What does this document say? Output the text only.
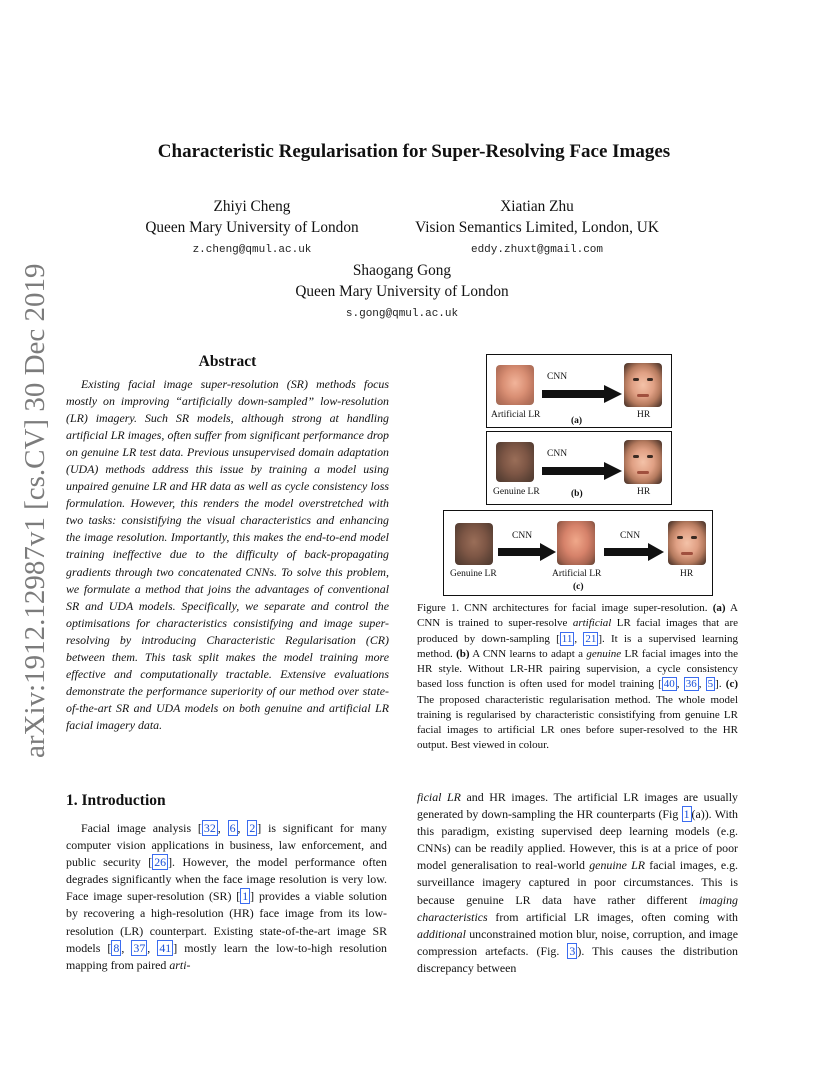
arXiv:1912.12987v1 [cs.CV] 30 Dec 2019
Characteristic Regularisation for Super-Resolving Face Images
Zhiyi Cheng
Queen Mary University of London
z.cheng@qmul.ac.uk
Xiatian Zhu
Vision Semantics Limited, London, UK
eddy.zhuxt@gmail.com
Shaogang Gong
Queen Mary University of London
s.gong@qmul.ac.uk
Abstract
Existing facial image super-resolution (SR) methods focus mostly on improving “artificially down-sampled” low-resolution (LR) imagery. Such SR models, although strong at handling artificial LR images, often suffer from significant performance drop on genuine LR test data. Previous unsupervised domain adaptation (UDA) methods address this issue by training a model using unpaired genuine LR and HR data as well as cycle consistency loss formulation. However, this renders the model overstretched with two tasks: consistifying the visual characteristics and enhancing the image resolution. Importantly, this makes the end-to-end model training ineffective due to the difficulty of back-propagating gradients through two concatenated CNNs. To solve this problem, we formulate a method that joins the advantages of conventional SR and UDA models. Specifically, we separate and control the optimisations for characteristics consistifying and image super-resolving by introducing Characteristic Regularisation (CR) between them. This task split makes the model training more effective and computationally tractable. Extensive evaluations demonstrate the performance superiority of our method over state-of-the-art SR and UDA models on both genuine and artificial LR facial imagery data.
CNN
Artificial LR
(a)
HR
CNN
Genuine LR	(b)	HR
CNN	CNN
Genuine LR	Artificial LR
(c)
HR
Figure 1. CNN architectures for facial image super-resolution. (a) A CNN is trained to super-resolve artificial LR facial images that are produced by down-sampling [ 11 , 21 ]. It is a supervised learning method. (b) A CNN learns to adapt a genuine LR facial images into the HR style. Without LR-HR pairing supervision, a cycle consistency based loss function is often used for model training [ 40 , 36 , 5 ]. (c) The proposed characteristic regularisation method. The whole model training is regularised by characteristic consistifying from genuine LR facial images to artificial LR ones before super-resolved to the HR output. Best viewed in colour.
1. Introduction
Facial image analysis [ 32 , 6 , 2 ] is significant for many computer vision applications in business, law enforcement, and public security [ 26 ]. However, the model performance often degrades significantly when the face image resolution is very low. Face image super-resolution (SR) [ 1 ] provides a viable solution by recovering a high-resolution (HR) face image from its low-resolution (LR) counterpart. Existing state-of-the-art image SR models [ 8 , 37 , 41 ] mostly learn the low-to-high resolution mapping from paired arti-
ficial LR and HR images. The artificial LR images are usually generated by down-sampling the HR counterparts (Fig 1 (a)). With this paradigm, existing supervised deep learning models (e.g. CNNs) can be readily applied. However, this is at a price of poor model generalisation to real-world genuine LR facial images, e.g. surveillance imagery captured in poor circumstances. This is because genuine LR data have rather different imaging characteristics from artificial LR images, often coming with additional unconstrained motion blur, noise, corruption, and image compression artefacts. (Fig. 3 ). This causes the distribution discrepancy between
